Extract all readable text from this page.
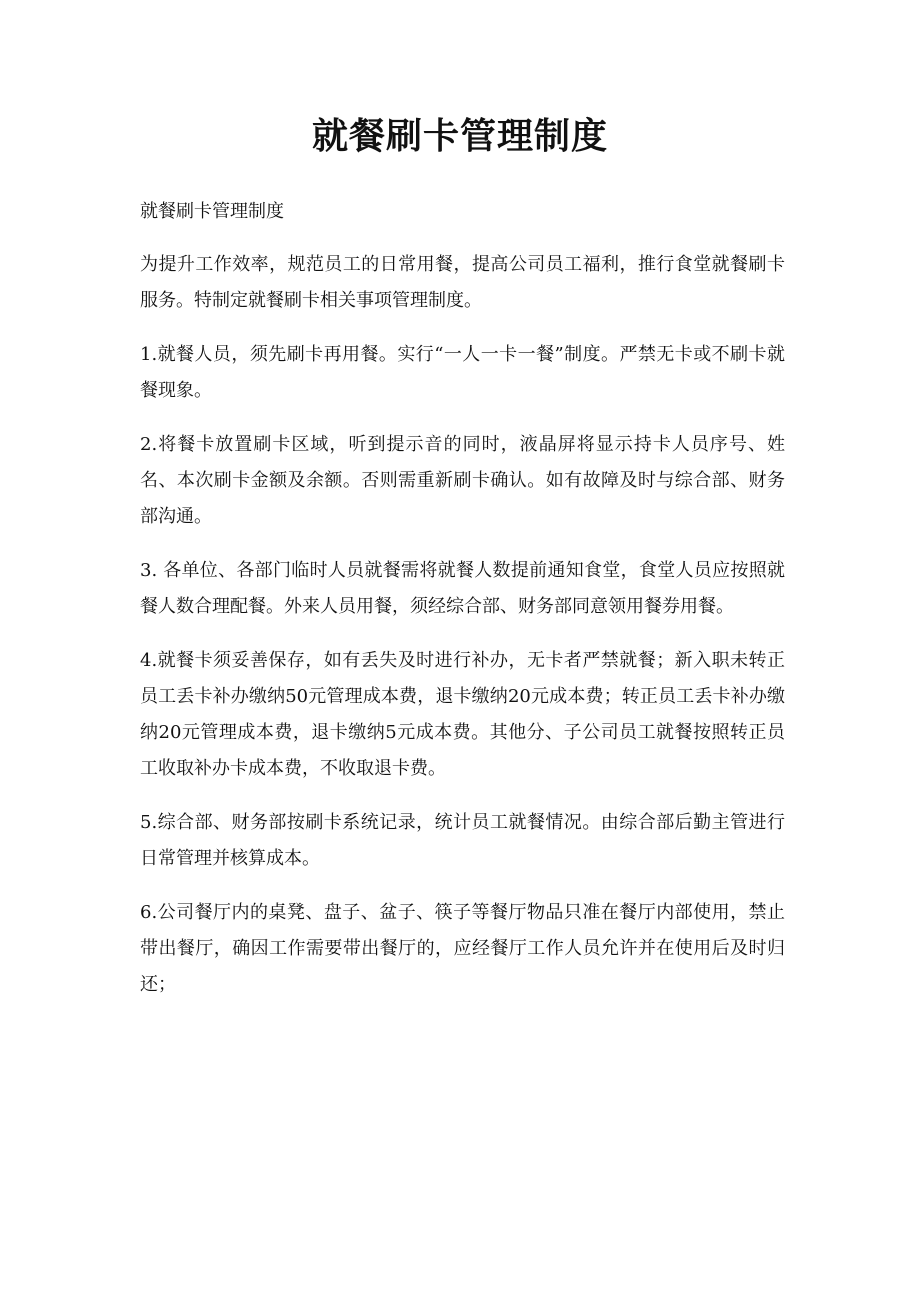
就餐刷卡管理制度

就餐刷卡管理制度

为提升工作效率，规范员工的日常用餐，提高公司员工福利，推行食堂就餐刷卡服务。特制定就餐刷卡相关事项管理制度。

1.就餐人员，须先刷卡再用餐。实行“一人一卡一餐”制度。严禁无卡或不刷卡就餐现象。

2.将餐卡放置刷卡区域，听到提示音的同时，液晶屏将显示持卡人员序号、姓名、本次刷卡金额及余额。否则需重新刷卡确认。如有故障及时与综合部、财务部沟通。

3. 各单位、各部门临时人员就餐需将就餐人数提前通知食堂，食堂人员应按照就餐人数合理配餐。外来人员用餐，须经综合部、财务部同意领用餐券用餐。

4.就餐卡须妥善保存，如有丢失及时进行补办，无卡者严禁就餐；新入职未转正员工丢卡补办缴纳50元管理成本费，退卡缴纳20元成本费；转正员工丢卡补办缴纳20元管理成本费，退卡缴纳5元成本费。其他分、子公司员工就餐按照转正员工收取补办卡成本费，不收取退卡费。

5.综合部、财务部按刷卡系统记录，统计员工就餐情况。由综合部后勤主管进行日常管理并核算成本。

6.公司餐厅内的桌凳、盘子、盆子、筷子等餐厅物品只准在餐厅内部使用，禁止带出餐厅，确因工作需要带出餐厅的，应经餐厅工作人员允许并在使用后及时归还；
